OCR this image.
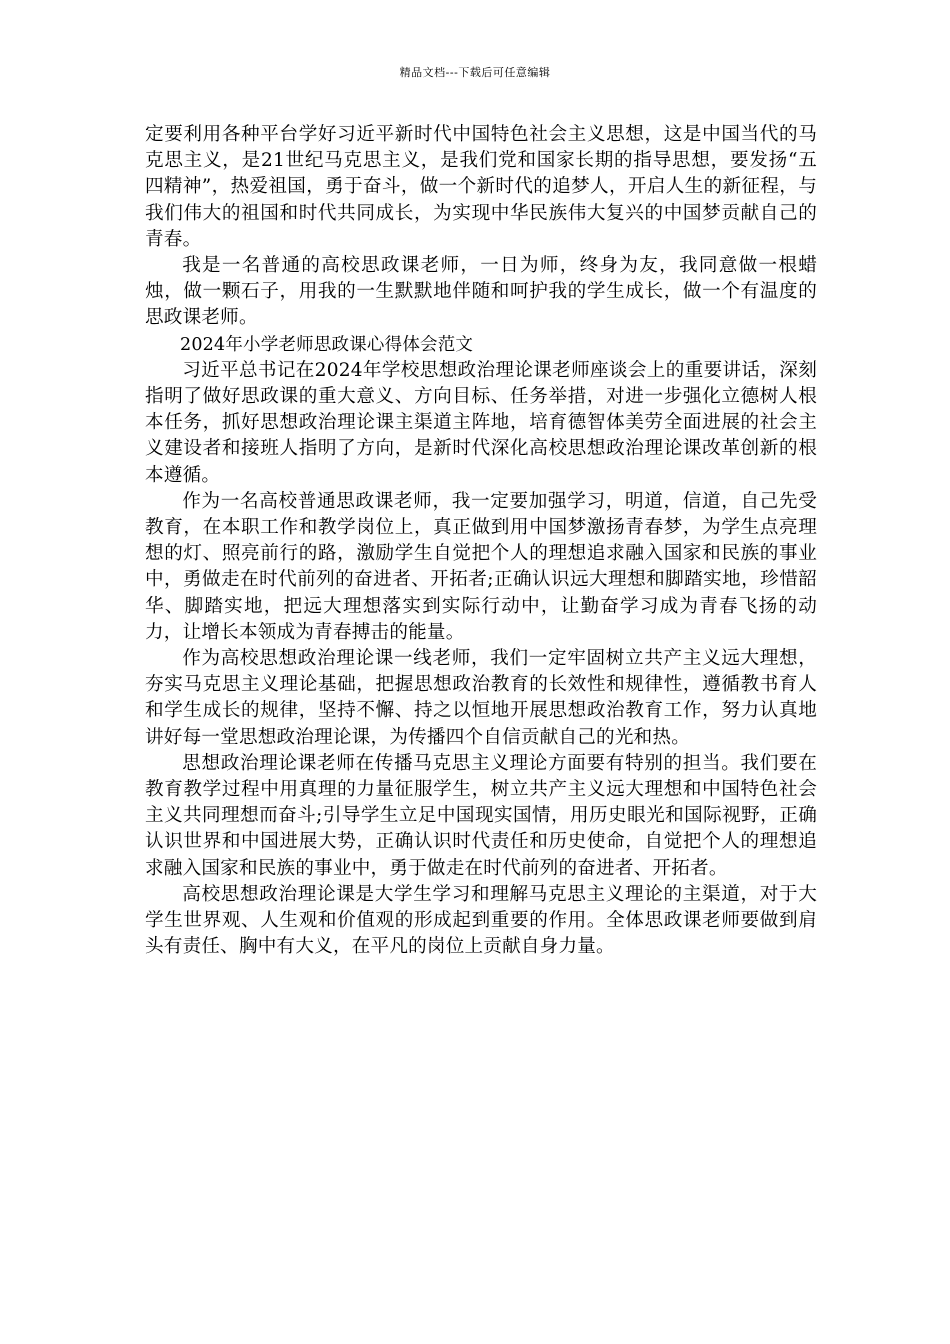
精品文档---下载后可任意编辑

定要利用各种平台学好习近平新时代中国特色社会主义思想，这是中国当代的马克思主义，是21世纪马克思主义，是我们党和国家长期的指导思想，要发扬“五四精神”，热爱祖国，勇于奋斗，做一个新时代的追梦人，开启人生的新征程，与我们伟大的祖国和时代共同成长，为实现中华民族伟大复兴的中国梦贡献自己的青春。

我是一名普通的高校思政课老师，一日为师，终身为友，我同意做一根蜡烛，做一颗石子，用我的一生默默地伴随和呵护我的学生成长，做一个有温度的思政课老师。

2024年小学老师思政课心得体会范文

习近平总书记在2024年学校思想政治理论课老师座谈会上的重要讲话，深刻指明了做好思政课的重大意义、方向目标、任务举措，对进一步强化立德树人根本任务，抓好思想政治理论课主渠道主阵地，培育德智体美劳全面进展的社会主义建设者和接班人指明了方向，是新时代深化高校思想政治理论课改革创新的根本遵循。

作为一名高校普通思政课老师，我一定要加强学习，明道，信道，自己先受教育，在本职工作和教学岗位上，真正做到用中国梦激扬青春梦，为学生点亮理想的灯、照亮前行的路，激励学生自觉把个人的理想追求融入国家和民族的事业中，勇做走在时代前列的奋进者、开拓者;正确认识远大理想和脚踏实地，珍惜韶华、脚踏实地，把远大理想落实到实际行动中，让勤奋学习成为青春飞扬的动力，让增长本领成为青春搏击的能量。

作为高校思想政治理论课一线老师，我们一定牢固树立共产主义远大理想，夯实马克思主义理论基础，把握思想政治教育的长效性和规律性，遵循教书育人和学生成长的规律，坚持不懈、持之以恒地开展思想政治教育工作，努力认真地讲好每一堂思想政治理论课，为传播四个自信贡献自己的光和热。

思想政治理论课老师在传播马克思主义理论方面要有特别的担当。我们要在教育教学过程中用真理的力量征服学生，树立共产主义远大理想和中国特色社会主义共同理想而奋斗;引导学生立足中国现实国情，用历史眼光和国际视野，正确认识世界和中国进展大势，正确认识时代责任和历史使命，自觉把个人的理想追求融入国家和民族的事业中，勇于做走在时代前列的奋进者、开拓者。

高校思想政治理论课是大学生学习和理解马克思主义理论的主渠道，对于大学生世界观、人生观和价值观的形成起到重要的作用。全体思政课老师要做到肩头有责任、胸中有大义，在平凡的岗位上贡献自身力量。
